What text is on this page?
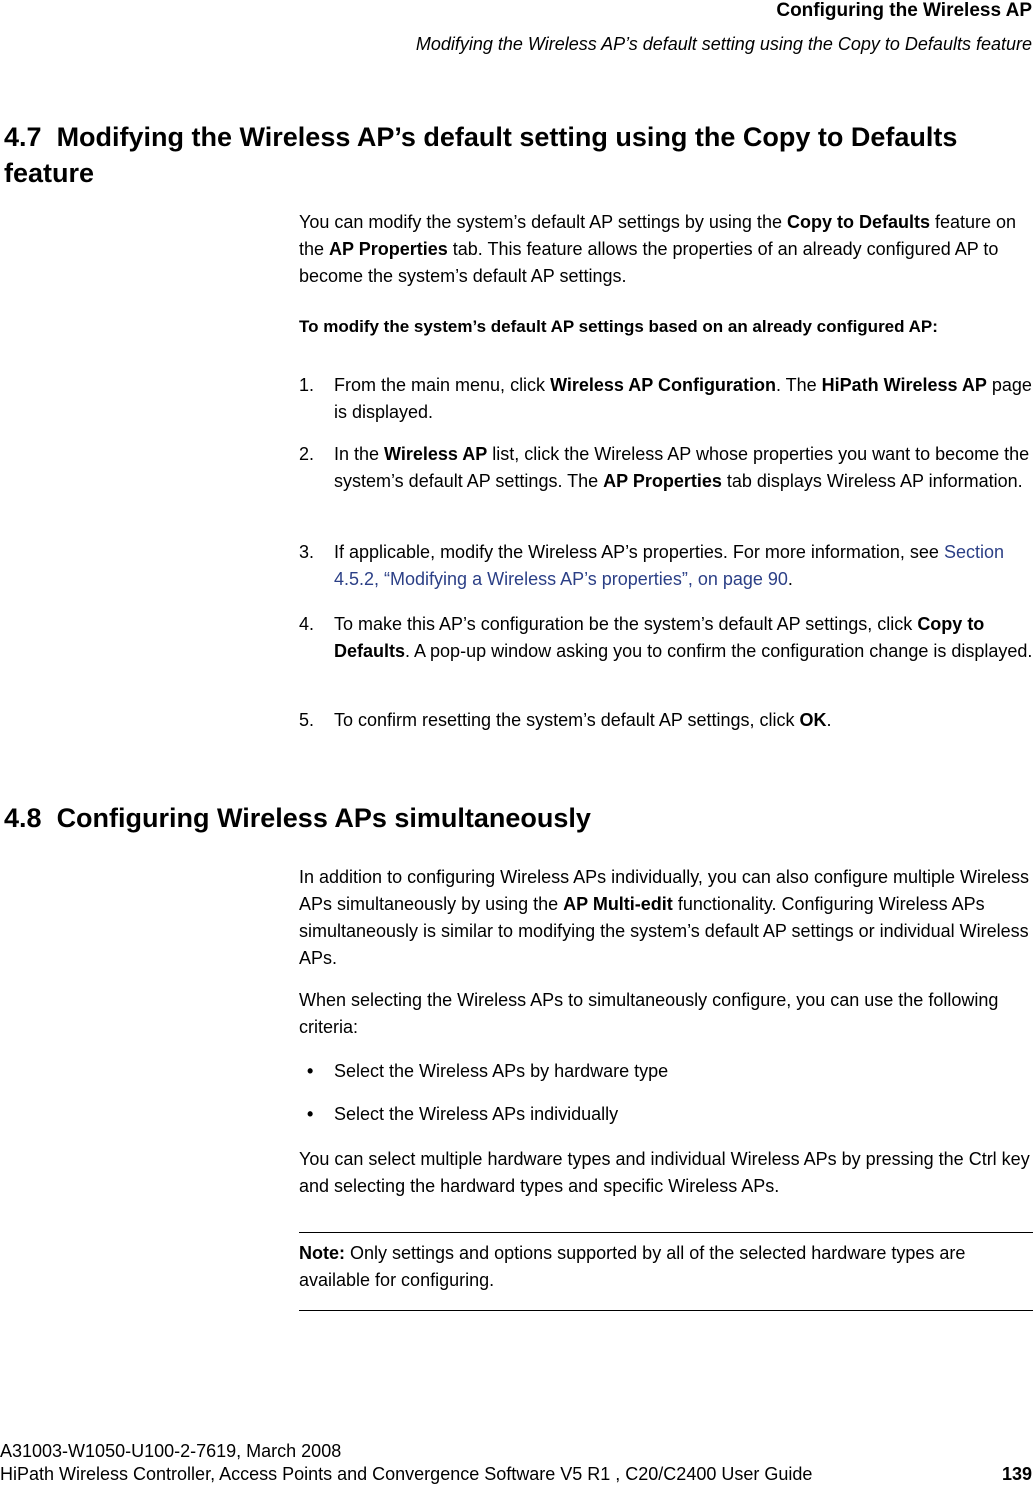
Configuring the Wireless AP
Modifying the Wireless AP’s default setting using the Copy to Defaults feature
4.7 Modifying the Wireless AP’s default setting using the Copy to Defaults feature
You can modify the system’s default AP settings by using the Copy to Defaults feature on the AP Properties tab. This feature allows the properties of an already configured AP to become the system’s default AP settings.
To modify the system’s default AP settings based on an already configured AP:
1. From the main menu, click Wireless AP Configuration. The HiPath Wireless AP page is displayed.
2. In the Wireless AP list, click the Wireless AP whose properties you want to become the system’s default AP settings. The AP Properties tab displays Wireless AP information.
3. If applicable, modify the Wireless AP’s properties. For more information, see Section 4.5.2, “Modifying a Wireless AP’s properties”, on page 90.
4. To make this AP’s configuration be the system’s default AP settings, click Copy to Defaults. A pop-up window asking you to confirm the configuration change is displayed.
5. To confirm resetting the system’s default AP settings, click OK.
4.8 Configuring Wireless APs simultaneously
In addition to configuring Wireless APs individually, you can also configure multiple Wireless APs simultaneously by using the AP Multi-edit functionality. Configuring Wireless APs simultaneously is similar to modifying the system’s default AP settings or individual Wireless APs.
When selecting the Wireless APs to simultaneously configure, you can use the following criteria:
• Select the Wireless APs by hardware type
• Select the Wireless APs individually
You can select multiple hardware types and individual Wireless APs by pressing the Ctrl key and selecting the hardward types and specific Wireless APs.
Note: Only settings and options supported by all of the selected hardware types are available for configuring.
A31003-W1050-U100-2-7619, March 2008
HiPath Wireless Controller, Access Points and Convergence Software V5 R1 , C20/C2400 User Guide	139
